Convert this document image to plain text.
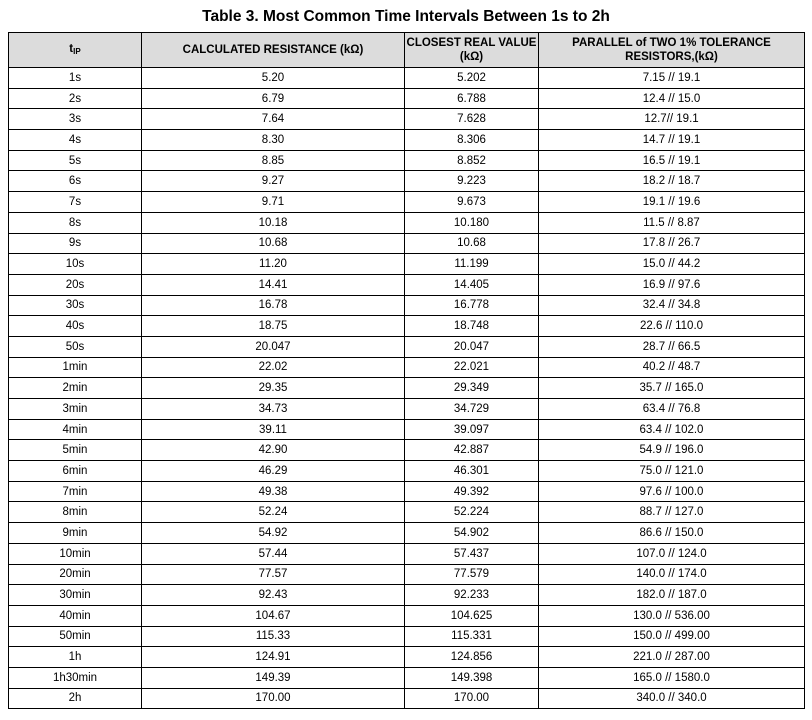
Table 3. Most Common Time Intervals Between 1s to 2h
$t_{IP}$	CALCULATED RESISTANCE (kΩ)	CLOSEST REAL VALUE (kΩ)	PARALLEL of TWO 1% TOLERANCE RESISTORS,(kΩ)
1s	5.20	5.202	7.15 // 19.1
2s	6.79	6.788	12.4 // 15.0
3s	7.64	7.628	12.7// 19.1
4s	8.30	8.306	14.7 // 19.1
5s	8.85	8.852	16.5 // 19.1
6s	9.27	9.223	18.2 // 18.7
7s	9.71	9.673	19.1 // 19.6
8s	10.18	10.180	11.5 // 8.87
9s	10.68	10.68	17.8 // 26.7
10s	11.20	11.199	15.0 // 44.2
20s	14.41	14.405	16.9 // 97.6
30s	16.78	16.778	32.4 // 34.8
40s	18.75	18.748	22.6 // 110.0
50s	20.047	20.047	28.7 // 66.5
1min	22.02	22.021	40.2 // 48.7
2min	29.35	29.349	35.7 // 165.0
3min	34.73	34.729	63.4 // 76.8
4min	39.11	39.097	63.4 // 102.0
5min	42.90	42.887	54.9 // 196.0
6min	46.29	46.301	75.0 // 121.0
7min	49.38	49.392	97.6 // 100.0
8min	52.24	52.224	88.7 // 127.0
9min	54.92	54.902	86.6 // 150.0
10min	57.44	57.437	107.0 // 124.0
20min	77.57	77.579	140.0 // 174.0
30min	92.43	92.233	182.0 // 187.0
40min	104.67	104.625	130.0 // 536.00
50min	115.33	115.331	150.0 // 499.00
1h	124.91	124.856	221.0 // 287.00
1h30min	149.39	149.398	165.0 // 1580.0
2h	170.00	170.00	340.0 // 340.0
